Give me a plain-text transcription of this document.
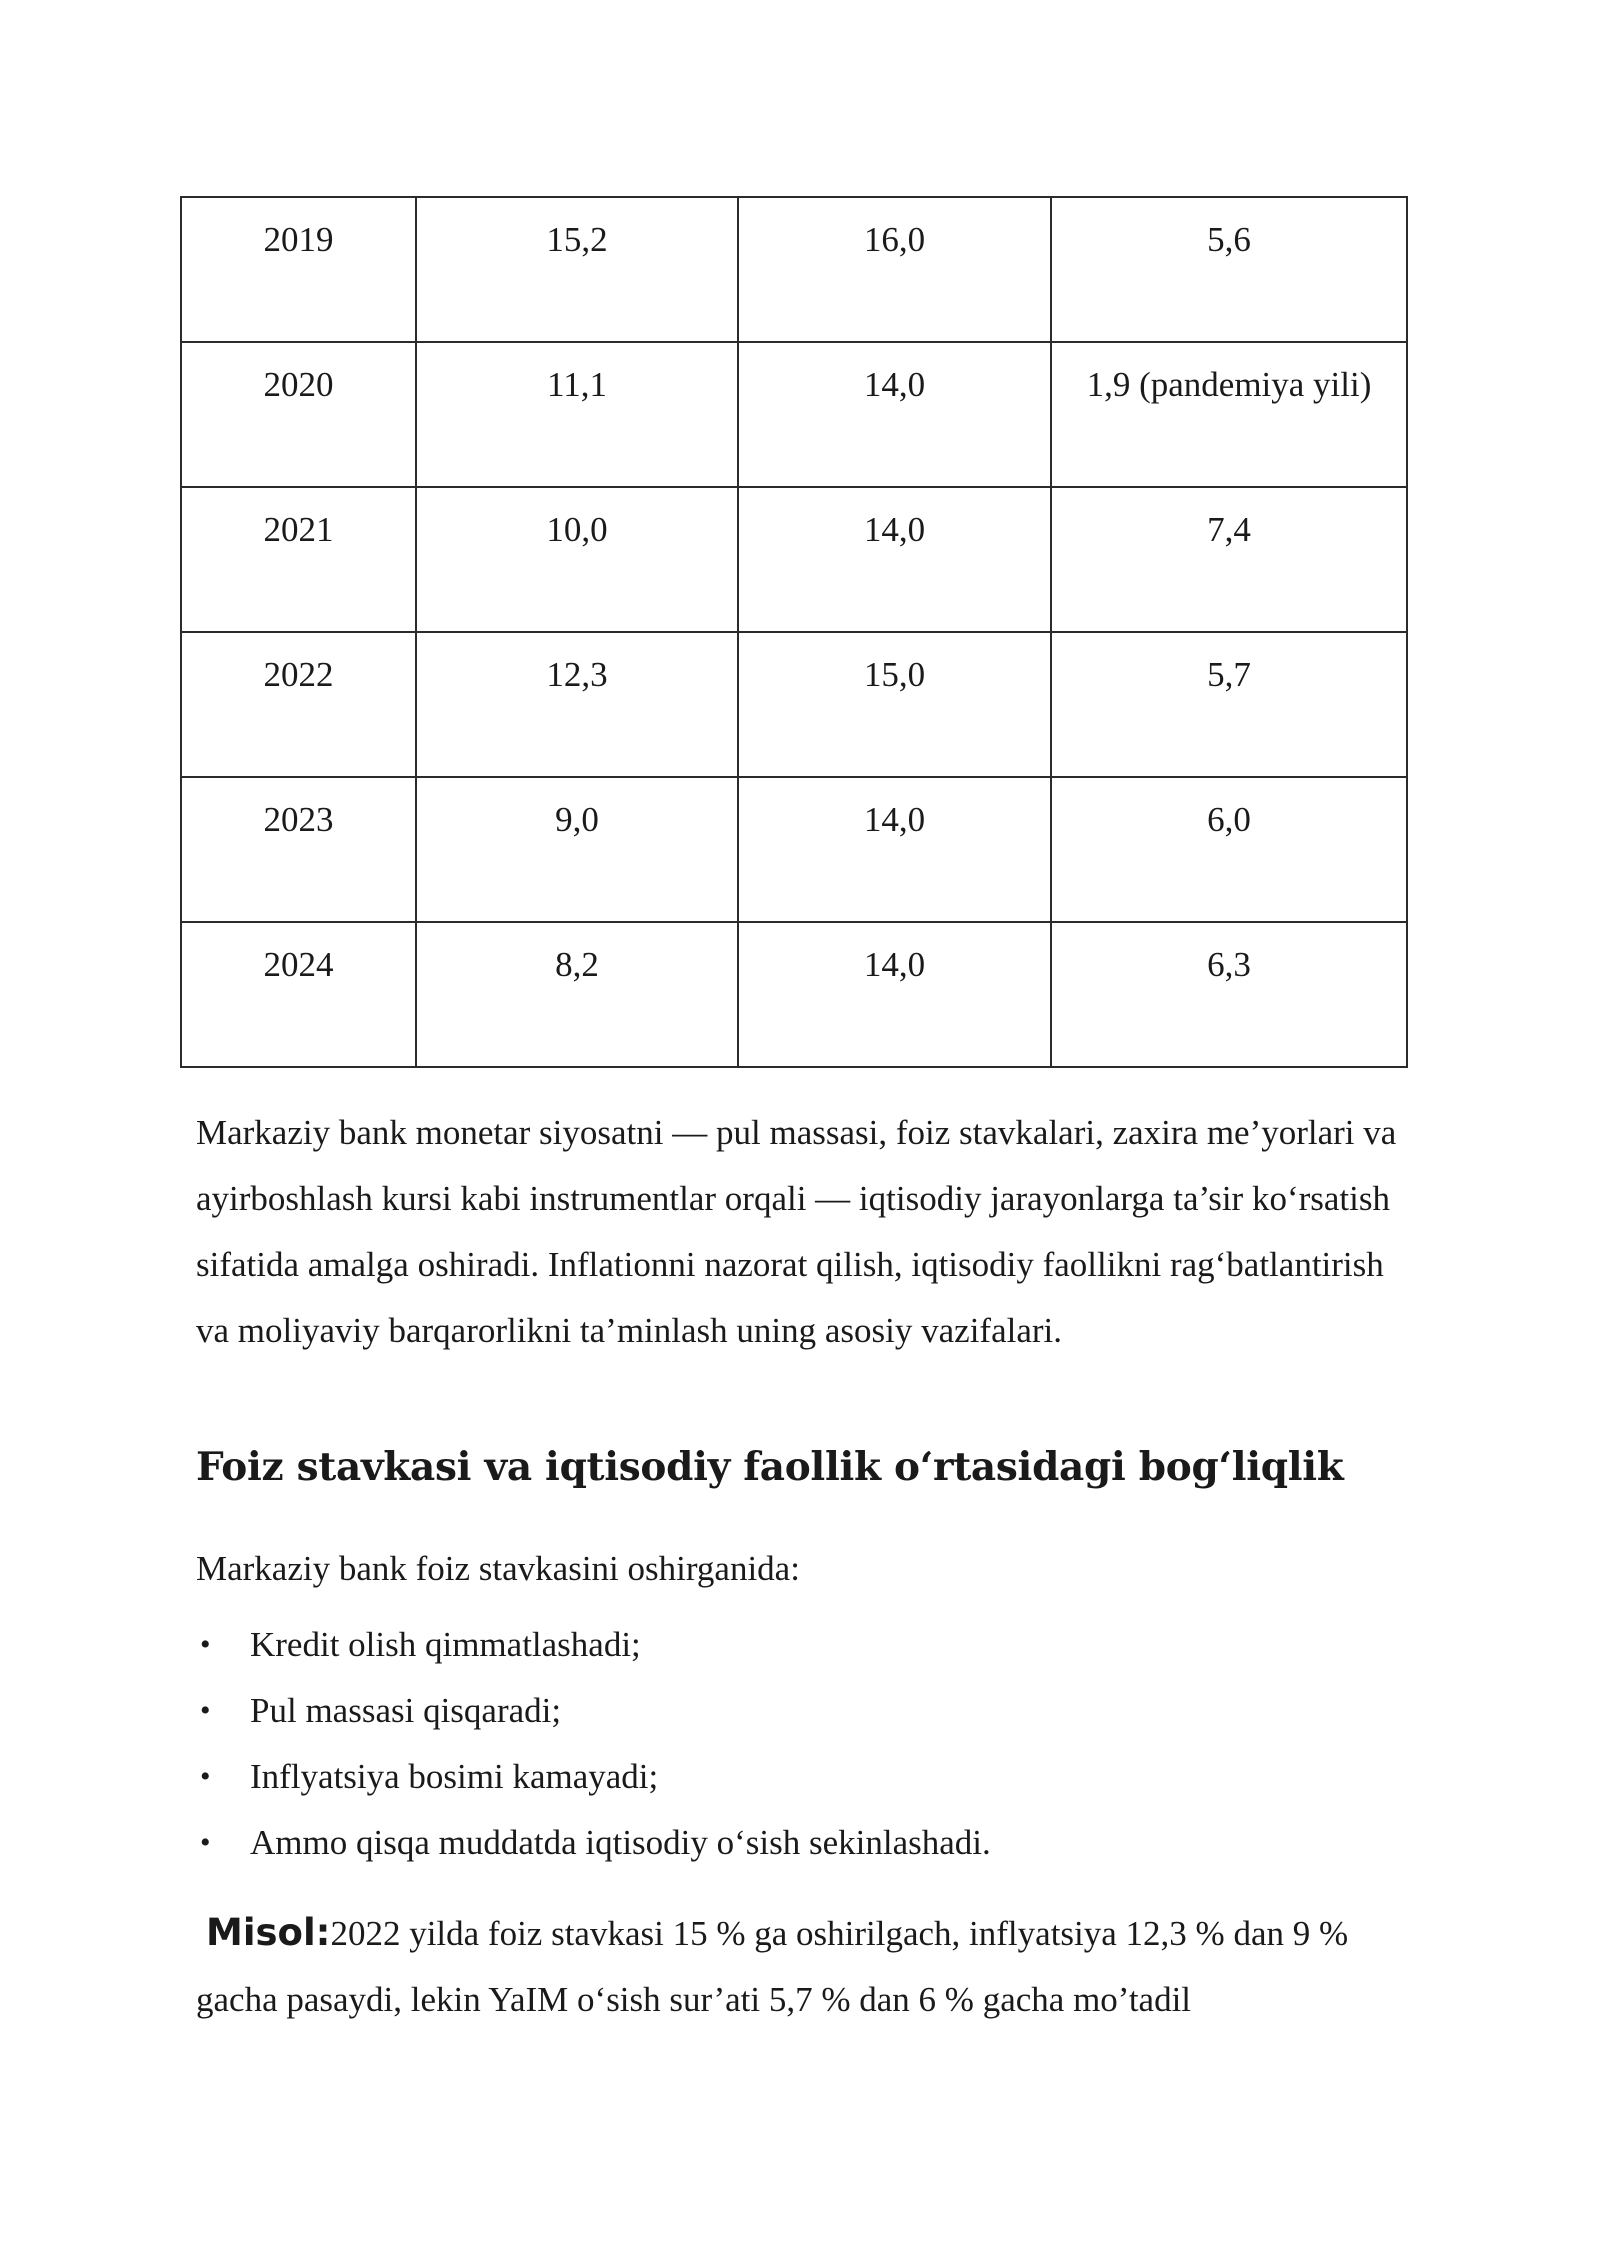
2019	15,2	16,0	5,6
2020	11,1	14,0	1,9 (pandemiya yili)
2021	10,0	14,0	7,4
2022	12,3	15,0	5,7
2023	9,0	14,0	6,0
2024	8,2	14,0	6,3

Markaziy bank monetar siyosatni — pul massasi, foiz stavkalari, zaxira me’yorlari va ayirboshlash kursi kabi instrumentlar orqali — iqtisodiy jarayonlarga ta’sir ko‘rsatish sifatida amalga oshiradi. Inflationni nazorat qilish, iqtisodiy faollikni rag‘batlantirish va moliyaviy barqarorlikni ta’minlash uning asosiy vazifalari.

Foiz stavkasi va iqtisodiy faollik o‘rtasidagi bog‘liqlik

Markaziy bank foiz stavkasini oshirganida:

• Kredit olish qimmatlashadi;
• Pul massasi qisqaradi;
• Inflyatsiya bosimi kamayadi;
• Ammo qisqa muddatda iqtisodiy o‘sish sekinlashadi.

Misol:2022 yilda foiz stavkasi 15 % ga oshirilgach, inflyatsiya 12,3 % dan 9 % gacha pasaydi, lekin YaIM o‘sish sur’ati 5,7 % dan 6 % gacha mo’tadil
